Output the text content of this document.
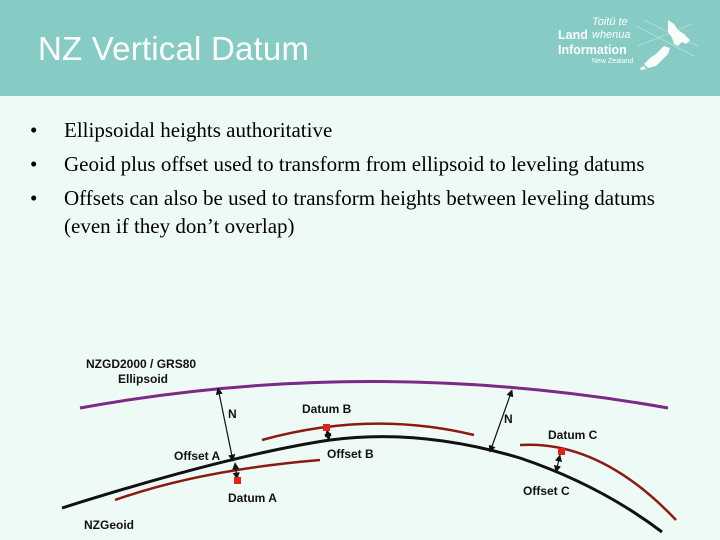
NZ Vertical Datum
Toitū te
Land whenua
Information
New Zealand
• Ellipsoidal heights authoritative
• Geoid plus offset used to transform from ellipsoid to leveling datums
• Offsets can also be used to transform heights between leveling datums (even if they don’t overlap)
NZGD2000 / GRS80
Ellipsoid
N	N
Datum B
Datum C
Offset A	Offset B
Offset C
Datum A
NZGeoid
